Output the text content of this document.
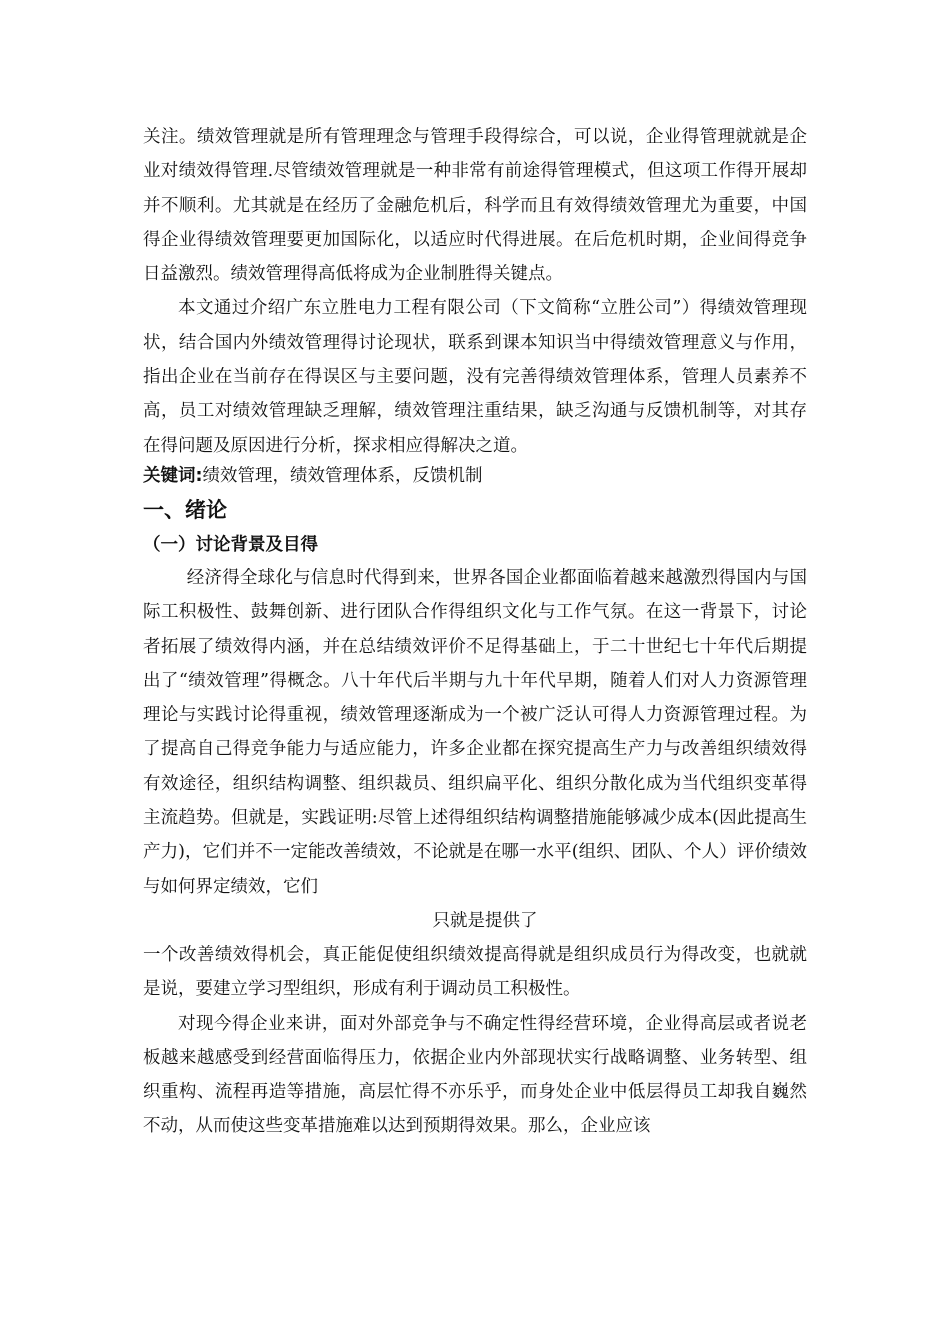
关注。绩效管理就是所有管理理念与管理手段得综合，可以说，企业得管理就就是企业对绩效得管理.尽管绩效管理就是一种非常有前途得管理模式，但这项工作得开展却并不顺利。尤其就是在经历了金融危机后，科学而且有效得绩效管理尤为重要，中国得企业得绩效管理要更加国际化，以适应时代得进展。在后危机时期，企业间得竞争日益激烈。绩效管理得高低将成为企业制胜得关键点。

本文通过介绍广东立胜电力工程有限公司（下文简称“立胜公司”）得绩效管理现状，结合国内外绩效管理得讨论现状，联系到课本知识当中得绩效管理意义与作用，指出企业在当前存在得误区与主要问题，没有完善得绩效管理体系，管理人员素养不高，员工对绩效管理缺乏理解，绩效管理注重结果，缺乏沟通与反馈机制等，对其存在得问题及原因进行分析，探求相应得解决之道。

关键词:绩效管理，绩效管理体系，反馈机制

一、绪论
（一）讨论背景及目得

经济得全球化与信息时代得到来，世界各国企业都面临着越来越激烈得国内与国际工积极性、鼓舞创新、进行团队合作得组织文化与工作气氛。在这一背景下，讨论者拓展了绩效得内涵，并在总结绩效评价不足得基础上，于二十世纪七十年代后期提出了“绩效管理”得概念。八十年代后半期与九十年代早期，随着人们对人力资源管理理论与实践讨论得重视，绩效管理逐渐成为一个被广泛认可得人力资源管理过程。为了提高自己得竞争能力与适应能力，许多企业都在探究提高生产力与改善组织绩效得有效途径，组织结构调整、组织裁员、组织扁平化、组织分散化成为当代组织变革得主流趋势。但就是，实践证明:尽管上述得组织结构调整措施能够减少成本(因此提高生产力)，它们并不一定能改善绩效，不论就是在哪一水平(组织、团队、个人）评价绩效与如何界定绩效，它们

只就是提供了

一个改善绩效得机会，真正能促使组织绩效提高得就是组织成员行为得改变，也就就是说，要建立学习型组织，形成有利于调动员工积极性。

对现今得企业来讲，面对外部竞争与不确定性得经营环境，企业得高层或者说老板越来越感受到经营面临得压力，依据企业内外部现状实行战略调整、业务转型、组织重构、流程再造等措施，高层忙得不亦乐乎，而身处企业中低层得员工却我自巍然不动，从而使这些变革措施难以达到预期得效果。那么，企业应该
